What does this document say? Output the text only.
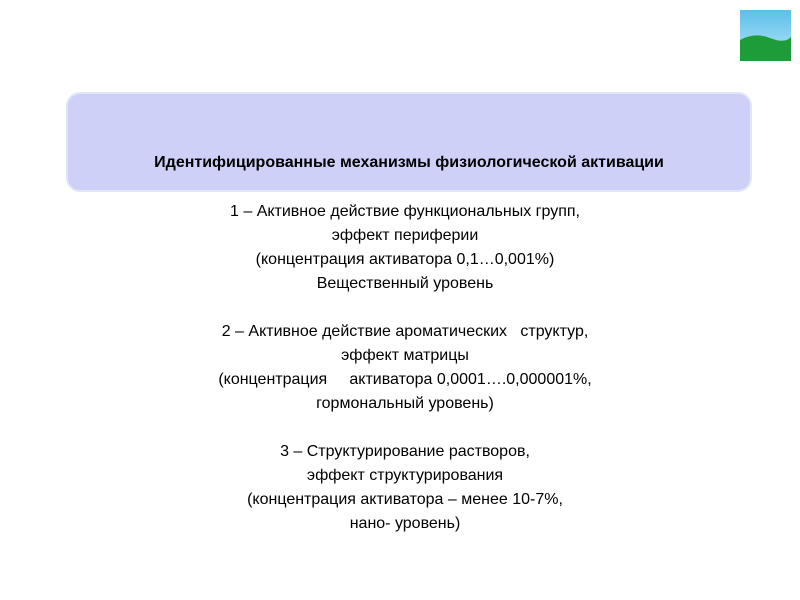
Идентифицированные механизмы физиологической активации
1 – Активное действие функциональных групп,
эффект периферии
(концентрация активатора 0,1…0,001%)
Вещественный уровень
2 – Активное действие ароматических   структур,
эффект матрицы
(концентрация     активатора 0,0001….0,000001%,
гормональный уровень)
3 – Структурирование растворов,
эффект структурирования
(концентрация активатора – менее 10-7%,
нано- уровень)
